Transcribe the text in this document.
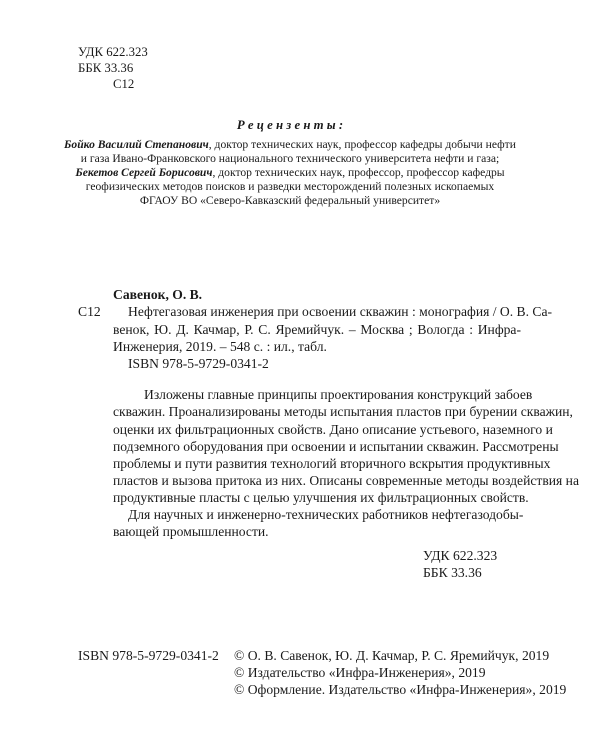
УДК 622.323
ББК 33.36
С12
Р е ц е н з е н т ы :
Бойко Василий Степанович, доктор технических наук, профессор кафедры добычи нефти
и газа Ивано-Франковского национального технического университета нефти и газа;
Бекетов Сергей Борисович, доктор технических наук, профессор, профессор кафедры
геофизических методов поисков и разведки месторождений полезных ископаемых
ФГАОУ ВО «Северо-Кавказский федеральный университет»
Савенок, О. В.
С12 Нефтегазовая инженерия при освоении скважин : монография / О. В. Са-
венок, Ю. Д. Качмар, Р. С. Яремийчук. – Москва ; Вологда : Инфра-
Инженерия, 2019. – 548 с. : ил., табл.
ISBN 978-5-9729-0341-2
Изложены главные принципы проектирования конструкций забоев
скважин. Проанализированы методы испытания пластов при бурении скважин,
оценки их фильтрационных свойств. Дано описание устьевого, наземного и
подземного оборудования при освоении и испытании скважин. Рассмотрены
проблемы и пути развития технологий вторичного вскрытия продуктивных
пластов и вызова притока из них. Описаны современные методы воздействия на
продуктивные пласты с целью улучшения их фильтрационных свойств.
Для научных и инженерно-технических работников нефтегазодобы-
вающей промышленности.
УДК 622.323
ББК 33.36
ISBN 978-5-9729-0341-2 © О. В. Савенок, Ю. Д. Качмар, Р. С. Яремийчук, 2019
© Издательство «Инфра-Инженерия», 2019
© Оформление. Издательство «Инфра-Инженерия», 2019
